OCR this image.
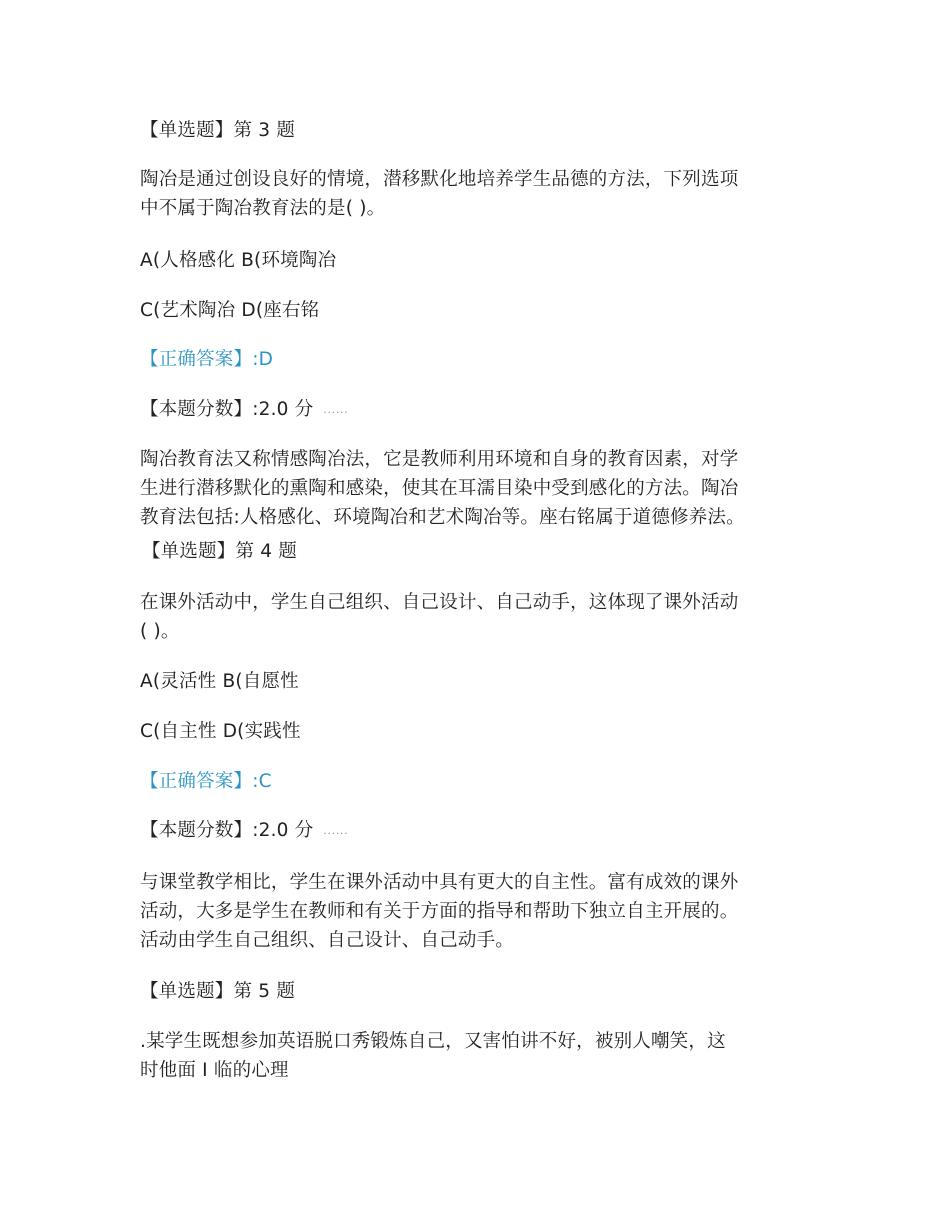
【单选题】第 3 题
陶冶是通过创设良好的情境，潜移默化地培养学生品德的方法，下列选项
中不属于陶冶教育法的是( )。
A(人格感化 B(环境陶冶
C(艺术陶冶 D(座右铭
【正确答案】:D
【本题分数】:2.0 分 ......
陶冶教育法又称情感陶冶法，它是教师利用环境和自身的教育因素，对学
生进行潜移默化的熏陶和感染，使其在耳濡目染中受到感化的方法。陶冶
教育法包括:人格感化、环境陶冶和艺术陶冶等。座右铭属于道德修养法。
【单选题】第 4 题
在课外活动中，学生自己组织、自己设计、自己动手，这体现了课外活动
( )。
A(灵活性 B(自愿性
C(自主性 D(实践性
【正确答案】:C
【本题分数】:2.0 分 ......
与课堂教学相比，学生在课外活动中具有更大的自主性。富有成效的课外
活动，大多是学生在教师和有关于方面的指导和帮助下独立自主开展的。
活动由学生自己组织、自己设计、自己动手。
【单选题】第 5 题
.某学生既想参加英语脱口秀锻炼自己，又害怕讲不好，被别人嘲笑，这
时他面 I 临的心理
